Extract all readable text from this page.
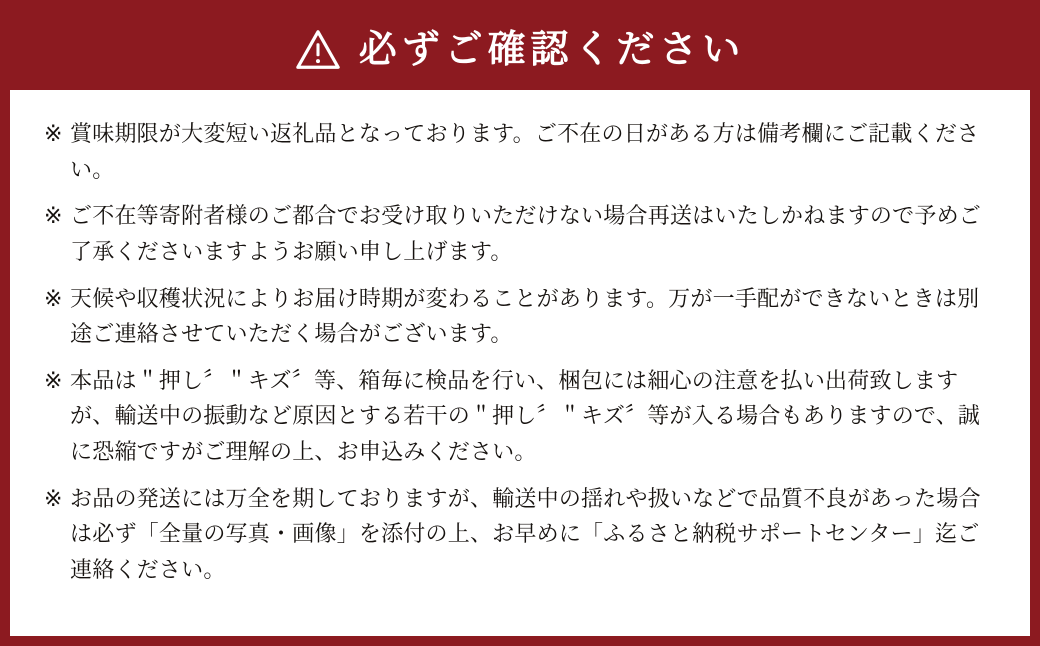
必ずご確認ください
※ 賞味期限が大変短い返礼品となっております。ご不在の日がある方は備考欄にご記載ください。
※ ご不在等寄附者様のご都合でお受け取りいただけない場合再送はいたしかねますので予めご了承くださいますようお願い申し上げます。
※ 天候や収穫状況によりお届け時期が変わることがあります。万が一手配ができないときは別途ご連絡させていただく場合がございます。
※ 本品は＂押し〞＂キズ〞等、箱毎に検品を行い、梱包には細心の注意を払い出荷致しますが、輸送中の振動など原因とする若干の＂押し〞＂キズ〞等が入る場合もありますので、誠に恐縮ですがご理解の上、お申込みください。
※ お品の発送には万全を期しておりますが、輸送中の揺れや扱いなどで品質不良があった場合は必ず「全量の写真・画像」を添付の上、お早めに「ふるさと納税サポートセンター」迄ご連絡ください。
